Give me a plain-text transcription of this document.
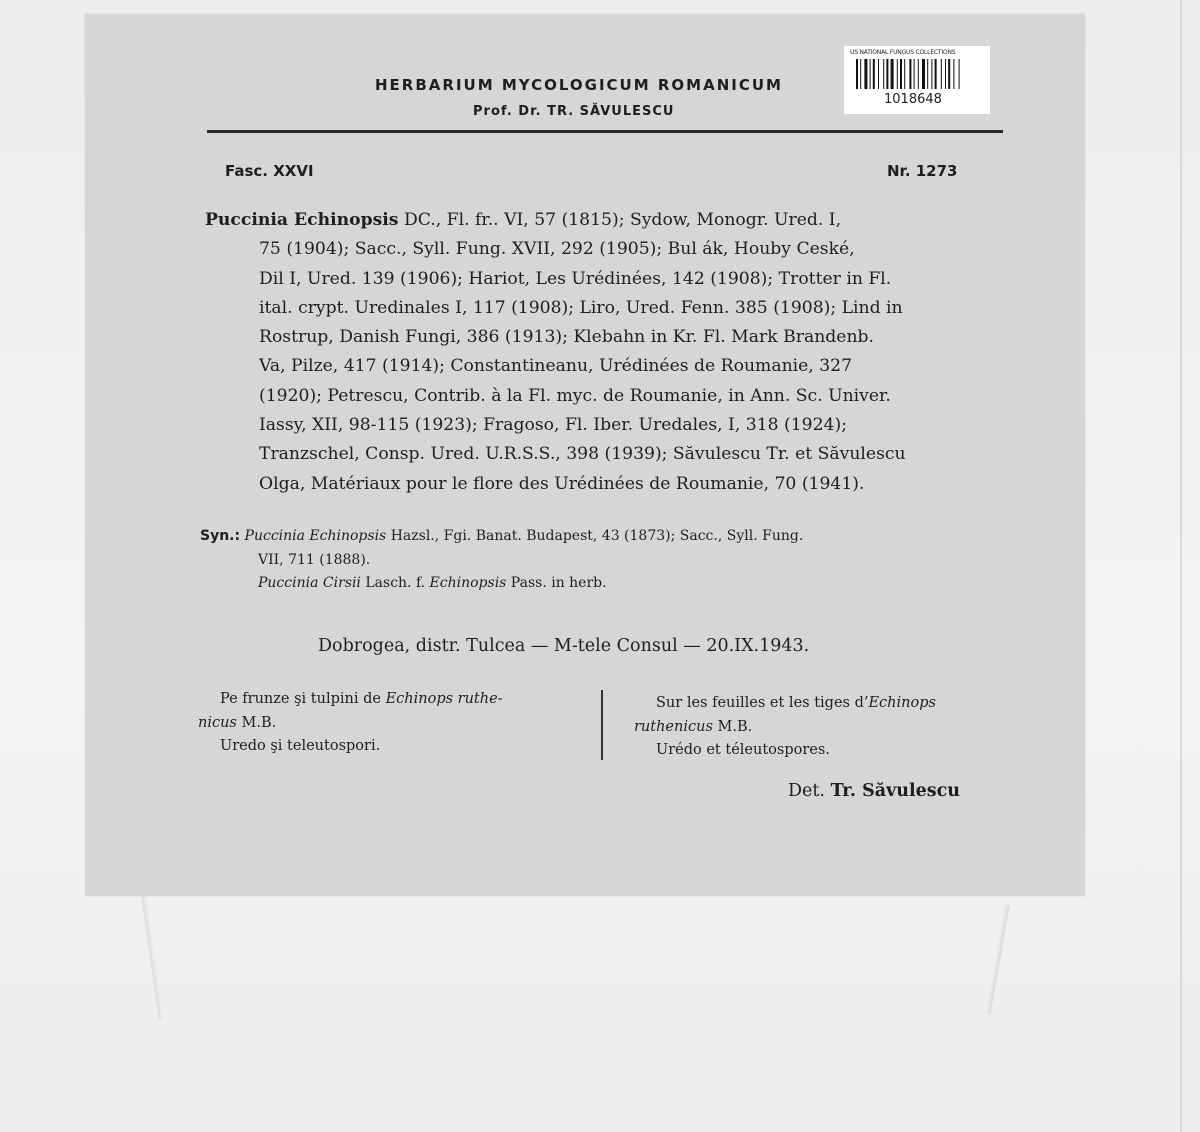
HERBARIUM MYCOLOGICUM ROMANICUM
Prof. Dr. TR. SĂVULESCU
US NATIONAL FUNGUS COLLECTIONS
1018648
Fasc. XXVI	Nr. 1273
Puccinia Echinopsis DC., Fl. fr.. VI, 57 (1815); Sydow, Monogr. Ured. I,
75 (1904); Sacc., Syll. Fung. XVII, 292 (1905); Bul ák, Houby Ceské,
Dil I, Ured. 139 (1906); Hariot, Les Urédinées, 142 (1908); Trotter in Fl.
ital. crypt. Uredinales I, 117 (1908); Liro, Ured. Fenn. 385 (1908); Lind in
Rostrup, Danish Fungi, 386 (1913); Klebahn in Kr. Fl. Mark Brandenb.
Va, Pilze, 417 (1914); Constantineanu, Urédinées de Roumanie, 327
(1920); Petrescu, Contrib. à la Fl. myc. de Roumanie, in Ann. Sc. Univer.
Iassy, XII, 98-115 (1923); Fragoso, Fl. Iber. Uredales, I, 318 (1924);
Tranzschel, Consp. Ured. U.R.S.S., 398 (1939); Săvulescu Tr. et Săvulescu
Olga, Matériaux pour le flore des Urédinées de Roumanie, 70 (1941).
Syn.: Puccinia Echinopsis Hazsl., Fgi. Banat. Budapest, 43 (1873); Sacc., Syll. Fung.
VII, 711 (1888).
Puccinia Cirsii Lasch. f. Echinopsis Pass. in herb.
Dobrogea, distr. Tulcea — M-tele Consul — 20.IX.1943.
Pe frunze şi tulpini de Echinops ruthe-
nicus M.B.
Uredo şi teleutospori.
Sur les feuilles et les tiges d’Echinops
ruthenicus M.B.
Urédo et téleutospores.
Det. Tr. Săvulescu
